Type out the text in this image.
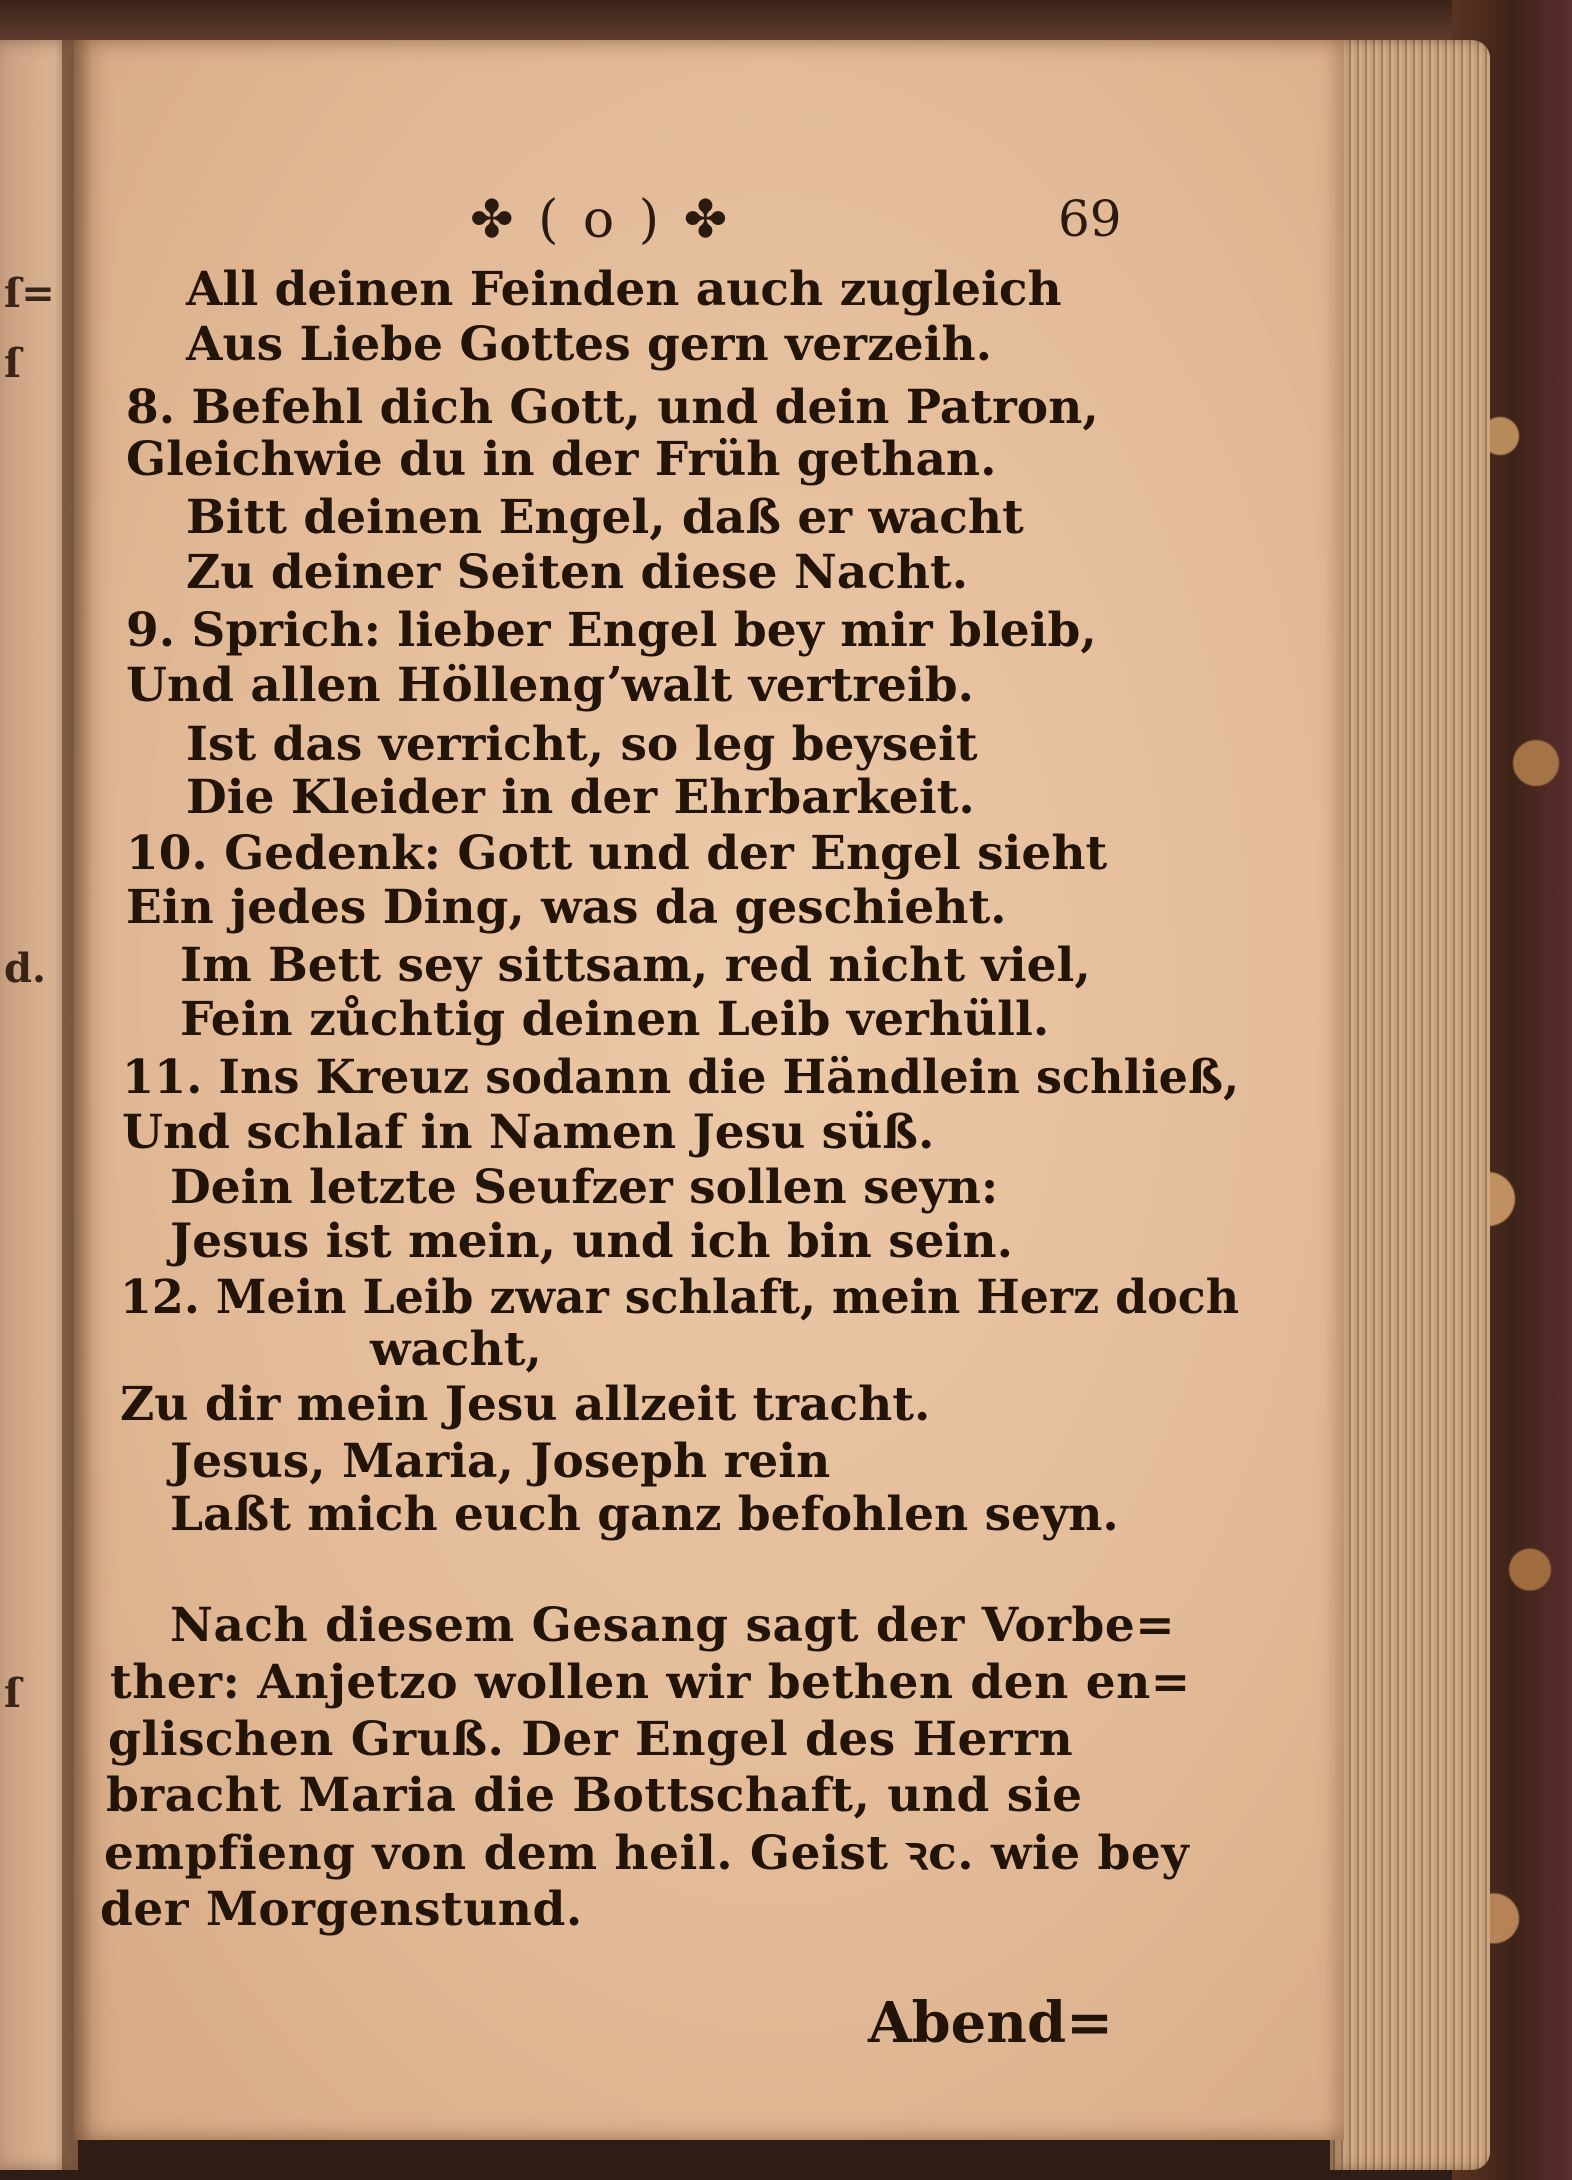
ſ=
ſ
d.
ſ
✤ ( o ) ✤	69
All deinen Feinden auch zugleich
Aus Liebe Gottes gern verzeih.
8. Befehl dich Gott, und dein Patron,
Gleichwie du in der Früh gethan.
Bitt deinen Engel, daß er wacht
Zu deiner Seiten diese Nacht.
9. Sprich: lieber Engel bey mir bleib,
Und allen Höllengʼwalt vertreib.
Ist das verricht, so leg beyseit
Die Kleider in der Ehrbarkeit.
10. Gedenk: Gott und der Engel sieht
Ein jedes Ding, was da geschieht.
Im Bett sey sittsam, red nicht viel,
Fein zůchtig deinen Leib verhüll.
11. Ins Kreuz sodann die Händlein schließ,
Und schlaf in Namen Jesu süß.
Dein letzte Seufzer sollen seyn:
Jesus ist mein, und ich bin sein.
12. Mein Leib zwar schlaft, mein Herz doch
wacht,
Zu dir mein Jesu allzeit tracht.
Jesus, Maria, Joseph rein
Laßt mich euch ganz befohlen seyn.
Nach diesem Gesang sagt der Vorbe=
ther: Anjetzo wollen wir bethen den en=
glischen Gruß. Der Engel des Herrn
bracht Maria die Bottschaft, und sie
empfieng von dem heil. Geist ꝛc. wie bey
der Morgenstund.
Abend=
